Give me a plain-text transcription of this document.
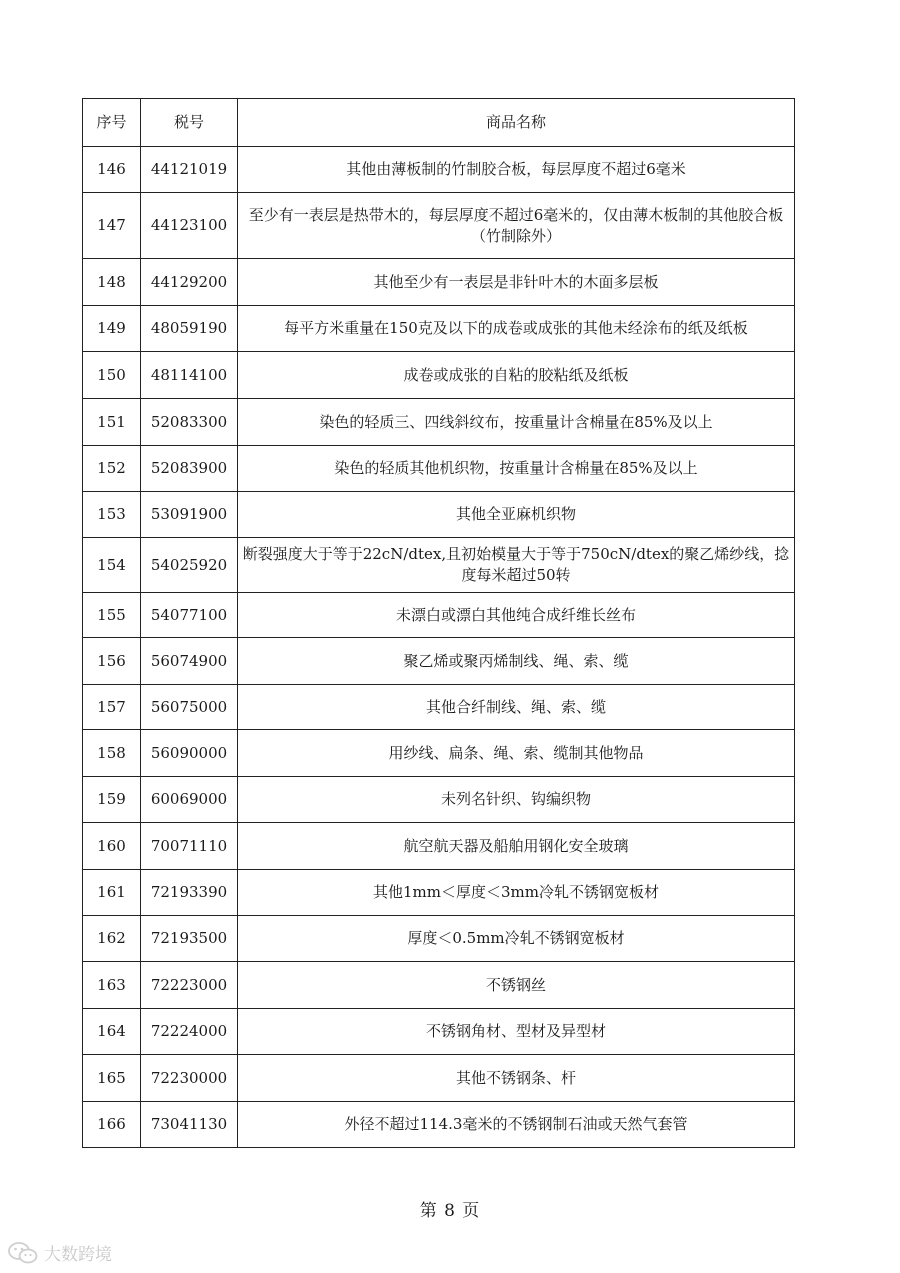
序号	税号	商品名称
146	44121019	其他由薄板制的竹制胶合板，每层厚度不超过6毫米
147	44123100	至少有一表层是热带木的，每层厚度不超过6毫米的，仅由薄木板制的其他胶合板（竹制除外）
148	44129200	其他至少有一表层是非针叶木的木面多层板
149	48059190	每平方米重量在150克及以下的成卷或成张的其他未经涂布的纸及纸板
150	48114100	成卷或成张的自粘的胶粘纸及纸板
151	52083300	染色的轻质三、四线斜纹布，按重量计含棉量在85%及以上
152	52083900	染色的轻质其他机织物，按重量计含棉量在85%及以上
153	53091900	其他全亚麻机织物
154	54025920	断裂强度大于等于22cN/dtex,且初始模量大于等于750cN/dtex的聚乙烯纱线，捻度每米超过50转
155	54077100	未漂白或漂白其他纯合成纤维长丝布
156	56074900	聚乙烯或聚丙烯制线、绳、索、缆
157	56075000	其他合纤制线、绳、索、缆
158	56090000	用纱线、扁条、绳、索、缆制其他物品
159	60069000	未列名针织、钩编织物
160	70071110	航空航天器及船舶用钢化安全玻璃
161	72193390	其他1mm＜厚度＜3mm冷轧不锈钢宽板材
162	72193500	厚度＜0.5mm冷轧不锈钢宽板材
163	72223000	不锈钢丝
164	72224000	不锈钢角材、型材及异型材
165	72230000	其他不锈钢条、杆
166	73041130	外径不超过114.3毫米的不锈钢制石油或天然气套管
第 8 页
大数跨境
